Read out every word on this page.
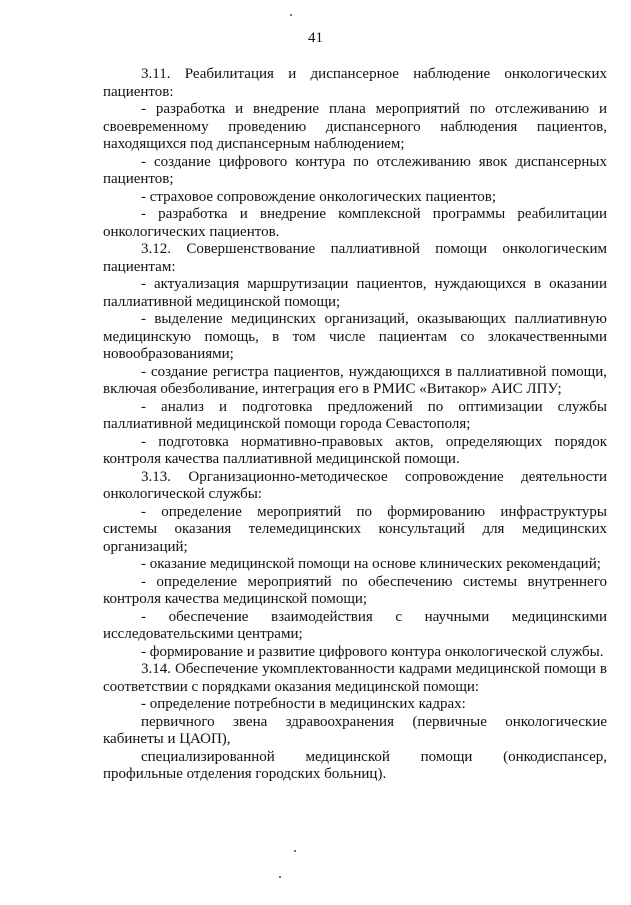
41

3.11. Реабилитация и диспансерное наблюдение онкологических пациентов:

- разработка и внедрение плана мероприятий по отслеживанию и своевременному проведению диспансерного наблюдения пациентов, находящихся под диспансерным наблюдением;

- создание цифрового контура по отслеживанию явок диспансерных пациентов;

- страховое сопровождение онкологических пациентов;

- разработка и внедрение комплексной программы реабилитации онкологических пациентов.

3.12. Совершенствование паллиативной помощи онкологическим пациентам:

- актуализация маршрутизации пациентов, нуждающихся в оказании паллиативной медицинской помощи;

- выделение медицинских организаций, оказывающих паллиативную медицинскую помощь, в том числе пациентам со злокачественными новообразованиями;

- создание регистра пациентов, нуждающихся в паллиативной помощи, включая обезболивание, интеграция его в РМИС «Витакор» АИС ЛПУ;

- анализ и подготовка предложений по оптимизации службы паллиативной медицинской помощи города Севастополя;

- подготовка нормативно-правовых актов, определяющих порядок контроля качества паллиативной медицинской помощи.

3.13. Организационно-методическое сопровождение деятельности онкологической службы:

- определение мероприятий по формированию инфраструктуры системы оказания телемедицинских консультаций для медицинских организаций;

- оказание медицинской помощи на основе клинических рекомендаций;

- определение мероприятий по обеспечению системы внутреннего контроля качества медицинской помощи;

- обеспечение взаимодействия с научными медицинскими исследовательскими центрами;

- формирование и развитие цифрового контура онкологической службы.

3.14. Обеспечение укомплектованности кадрами медицинской помощи в соответствии с порядками оказания медицинской помощи:

- определение потребности в медицинских кадрах:

первичного звена здравоохранения (первичные онкологические кабинеты и ЦАОП),

специализированной медицинской помощи (онкодиспансер, профильные отделения городских больниц).
